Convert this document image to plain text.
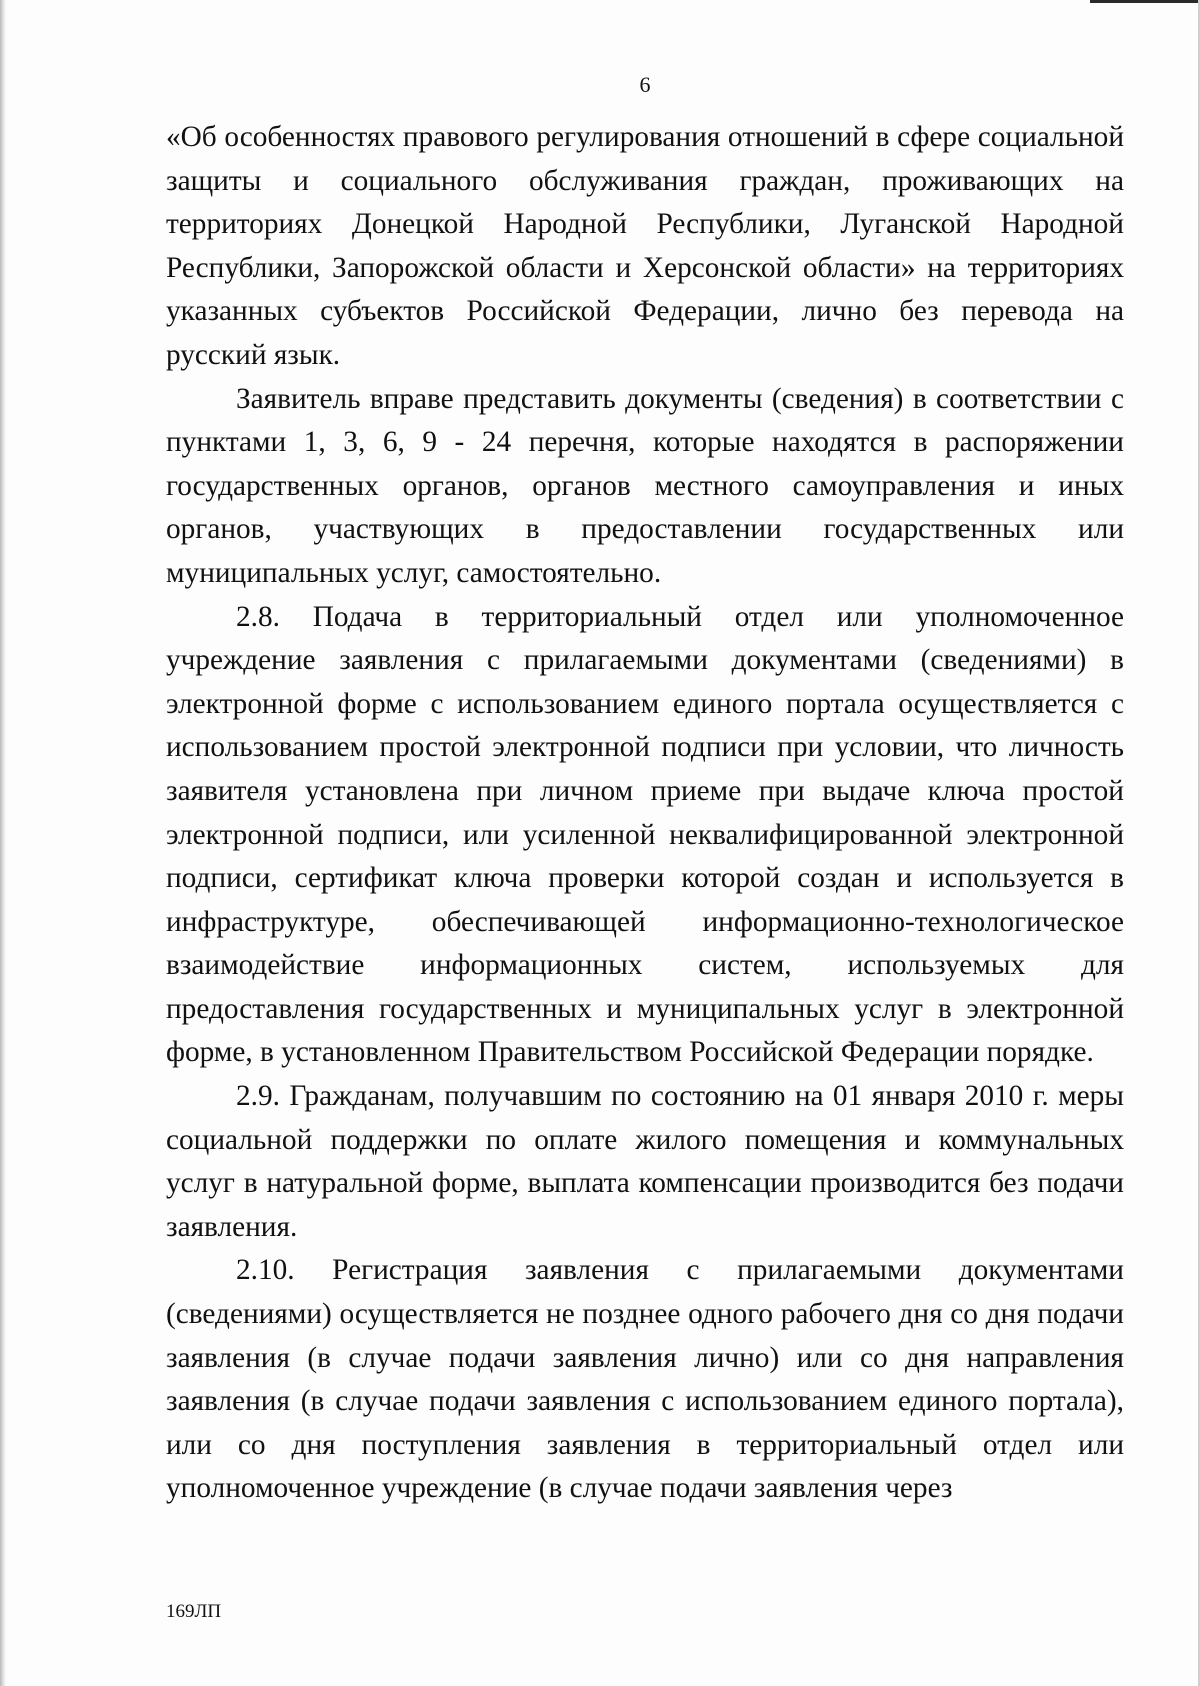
6

«Об особенностях правового регулирования отношений в сфере социальной защиты и социального обслуживания граждан, проживающих на территориях Донецкой Народной Республики, Луганской Народной Республики, Запорожской области и Херсонской области» на территориях указанных субъектов Российской Федерации, лично без перевода на русский язык.

Заявитель вправе представить документы (сведения) в соответствии с пунктами 1, 3, 6, 9 - 24 перечня, которые находятся в распоряжении государственных органов, органов местного самоуправления и иных органов, участвующих в предоставлении государственных или муниципальных услуг, самостоятельно.

2.8. Подача в территориальный отдел или уполномоченное учреждение заявления с прилагаемыми документами (сведениями) в электронной форме с использованием единого портала осуществляется с использованием простой электронной подписи при условии, что личность заявителя установлена при личном приеме при выдаче ключа простой электронной подписи, или усиленной неквалифицированной электронной подписи, сертификат ключа проверки которой создан и используется в инфраструктуре, обеспечивающей информационно-технологическое взаимодействие информационных систем, используемых для предоставления государственных и муниципальных услуг в электронной форме, в установленном Правительством Российской Федерации порядке.

2.9. Гражданам, получавшим по состоянию на 01 января 2010 г. меры социальной поддержки по оплате жилого помещения и коммунальных услуг в натуральной форме, выплата компенсации производится без подачи заявления.

2.10. Регистрация заявления с прилагаемыми документами (сведениями) осуществляется не позднее одного рабочего дня со дня подачи заявления (в случае подачи заявления лично) или со дня направления заявления (в случае подачи заявления с использованием единого портала), или со дня поступления заявления в территориальный отдел или уполномоченное учреждение (в случае подачи заявления через

169ЛП
